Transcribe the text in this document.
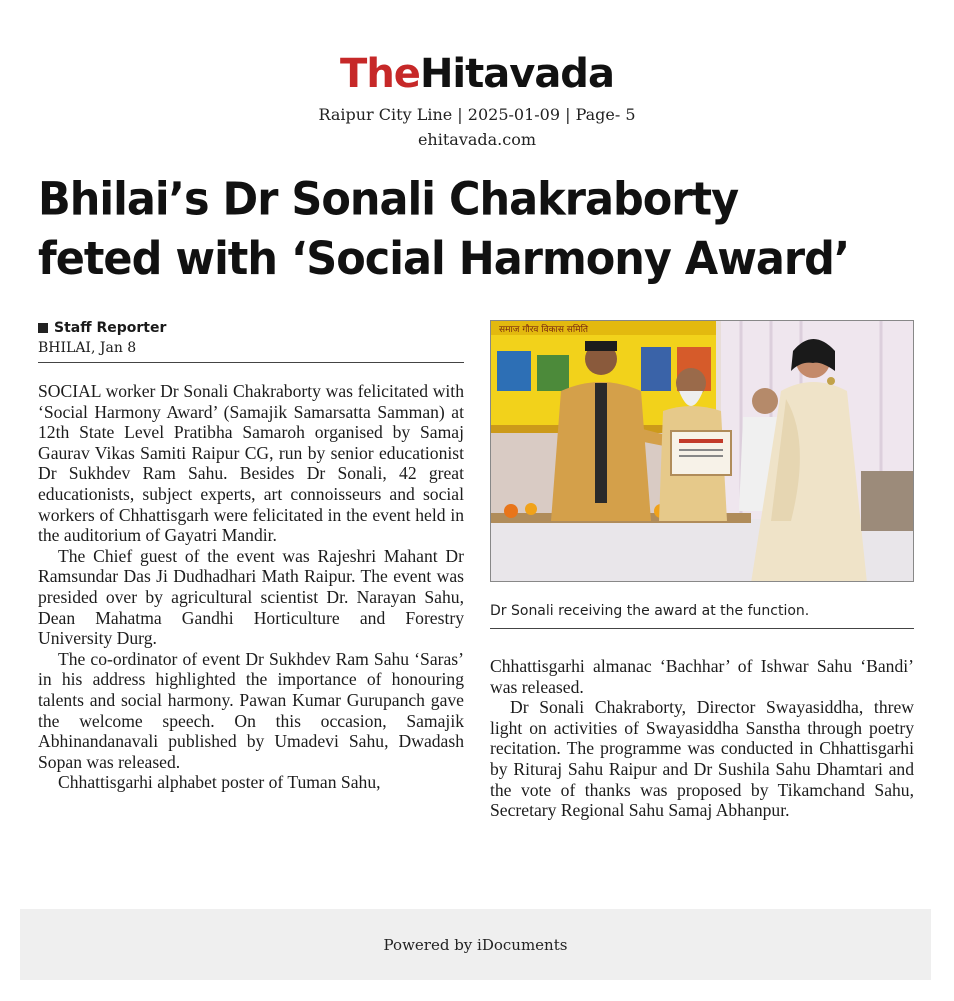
TheHitavada
Raipur City Line | 2025-01-09 | Page- 5
ehitavada.com
Bhilai’s Dr Sonali Chakraborty
feted with ‘Social Harmony Award’
Staff Reporter
BHILAI, Jan 8

SOCIAL worker Dr Sonali Chakraborty was felicitated with ‘Social Harmony Award’ (Samajik Samarsatta Samman) at 12th State Level Pratibha Samaroh organised by Samaj Gaurav Vikas Samiti Raipur CG, run by senior educationist Dr Sukhdev Ram Sahu. Besides Dr Sonali, 42 great educationists, subject experts, art connoisseurs and social workers of Chhattisgarh were felicitated in the event held in the auditorium of Gayatri Mandir.

The Chief guest of the event was Rajeshri Mahant Dr Ramsundar Das Ji Dudhadhari Math Raipur. The event was presided over by agricultural scientist Dr. Narayan Sahu, Dean Mahatma Gandhi Horticulture and Forestry University Durg.

The co-ordinator of event Dr Sukhdev Ram Sahu ‘Saras’ in his address highlighted the importance of honouring talents and social harmony. Pawan Kumar Gurupanch gave the welcome speech. On this occasion, Samajik Abhinandanavali published by Umadevi Sahu, Dwadash Sopan was released.

Chhattisgarhi alphabet poster of Tuman Sahu,

समाज गौरव विकास समिति
Dr Sonali receiving the award at the function.

Chhattisgarhi almanac ‘Bachhar’ of Ishwar Sahu ‘Bandi’ was released.

Dr Sonali Chakraborty, Director Swayasiddha, threw light on activities of Swayasiddha Sanstha through poetry recitation. The programme was conducted in Chhattisgarhi by Rituraj Sahu Raipur and Dr Sushila Sahu Dhamtari and the vote of thanks was proposed by Tikamchand Sahu, Secretary Regional Sahu Samaj Abhanpur.

Powered by iDocuments
